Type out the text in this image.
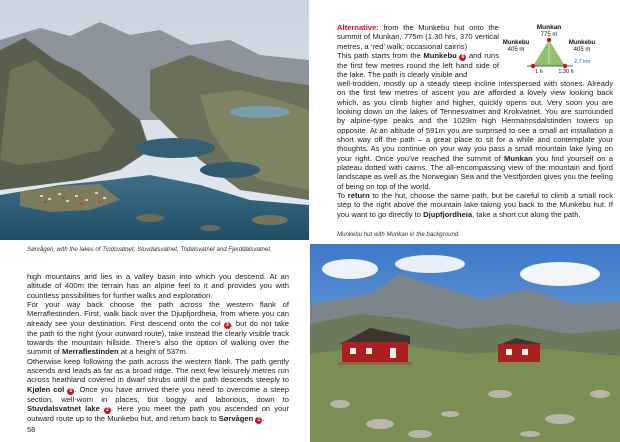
Munkan
775 m
Munkebu
405 m
Munkebu
405 m
1 h	1.30 h
2.7 km
Alternative: from the Munkebu hut onto the summit of Munkan, 775m (1.30 hrs, 370 vertical metres, a ‘red’ walk; occasional cairns)
This path starts from the Munkebu 6 and runs the first few metres round the left hand side of the lake. The path is clearly visible and
well-trodden, mostly up a steady steep incline interspersed with stones. Already on the first few metres of ascent you are afforded a lovely view looking back which, as you climb higher and higher, quickly opens out. Very soon you are looking down on the lakes of Tennesvatnet and Krokvatnet. You are surrounded by alpine-type peaks and the 1029m high Hermannsdalstinden towers up opposite. At an altitude of 591m you are surprised to see a small art installation a short way off the path – a great place to sit for a while and contemplate your thoughts. As you continue on your way you pass a small mountain lake lying on your right. Once you’ve reached the summit of Munkan you find yourself on a plateau dotted with cairns. The all-encompassing view of the mountain and fjord landscape as well as the Norwegian Sea and the Vestfjorden gives you the feeling of being on top of the world.
To return to the hut, choose the same path, but be careful to climb a small rock step to the right above the mountain lake taking you back to the Munkebu hut. If you want to go directly to Djupfjordheia, take a short cut along the path.
Munkebu hut with Munkan in the background.
Sørvågen, with the lakes of Tindsvatnet, Stuvdalsvatnet, Tridalsvatnet and Fjerddalsvatnet.
high mountains and lies in a valley basin into which you descend. At an altitude of 400m the terrain has an alpine feel to it and provides you with countless possibilities for further walks and exploration.
For your way back choose the path across the western flank of Merraflestinden. First, walk back over the Djupfjordheia, from where you can already see your destination. First descend onto the col 3 , but do not take the path to the right (your outward route), take instead the clearly visible track towards the mountain hillside. There’s also the option of walking over the summit of Merraflestinden at a height of 537m.
Otherwise keep following the path across the western flank. The path gently ascends and leads as far as a broad ridge. The next few leisurely metres run across heathland covered in dwarf shrubs until the path descends steeply to Kjølen col 5 . Once you have arrived there you need to overcome a steep section, well-worn in places, but boggy and laborious, down to Stuvdalsvatnet lake 2 . Here you meet the path you ascended on your outward route up to the Munkebu hut, and return back to Sørvågen 1 .
58
